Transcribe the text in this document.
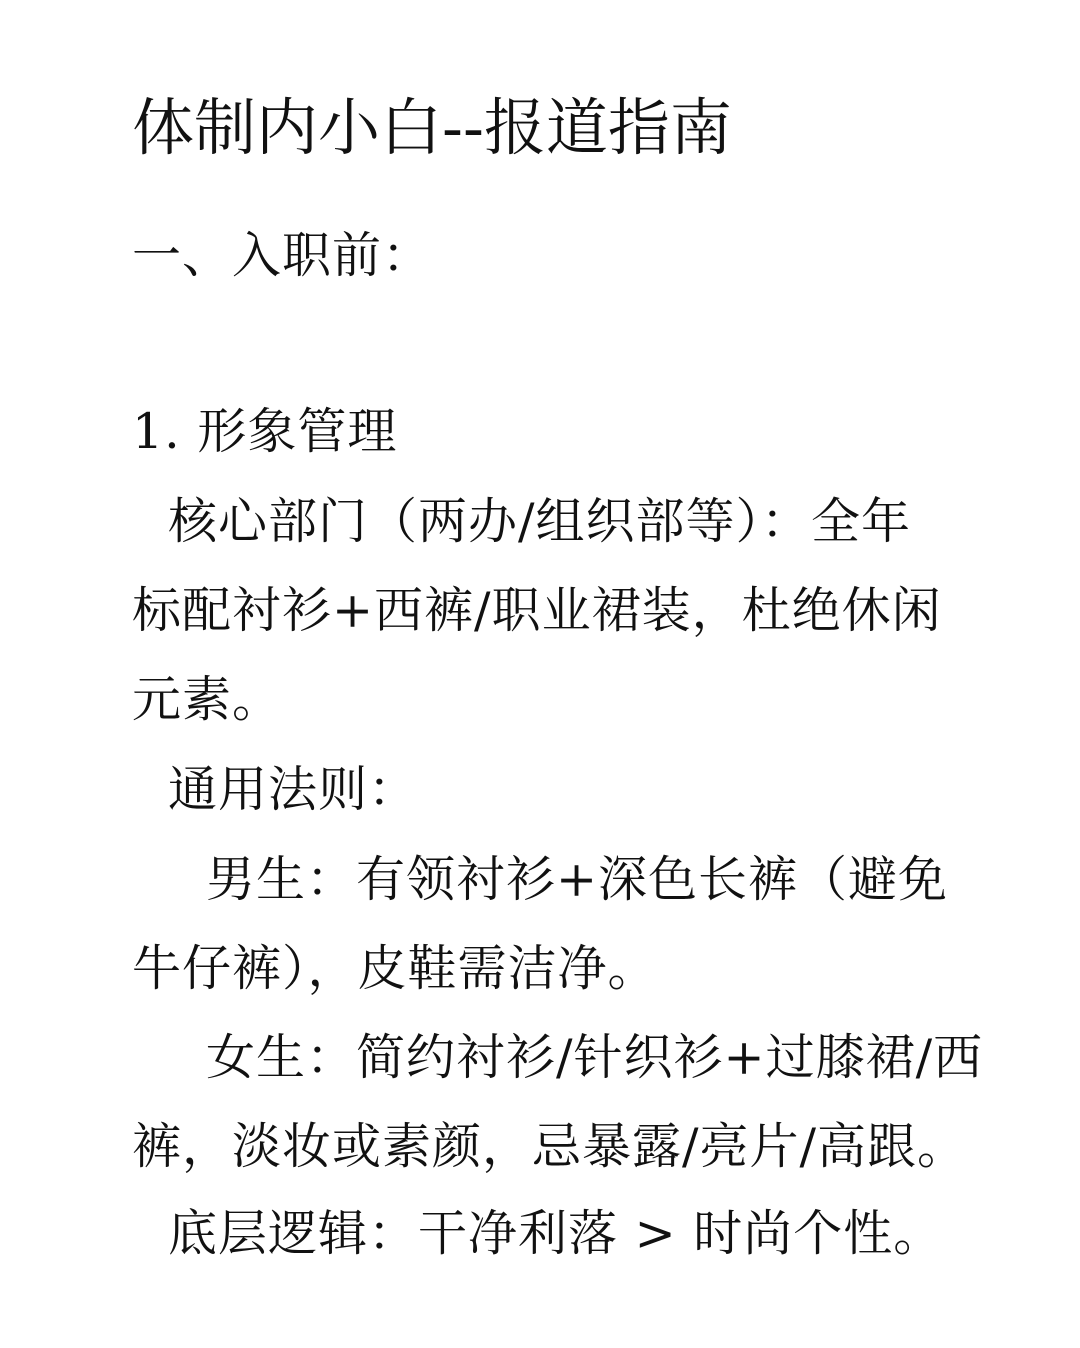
体制内小白--报道指南
一、入职前：
1. 形象管理
核心部门（两办/组织部等）：全年
标配衬衫+西裤/职业裙装，杜绝休闲
元素。
通用法则：
男生：有领衬衫+深色长裤（避免
牛仔裤），皮鞋需洁净。
女生：简约衬衫/针织衫+过膝裙/西
裤，淡妆或素颜，忌暴露/亮片/高跟。
底层逻辑：干净利落 > 时尚个性。
